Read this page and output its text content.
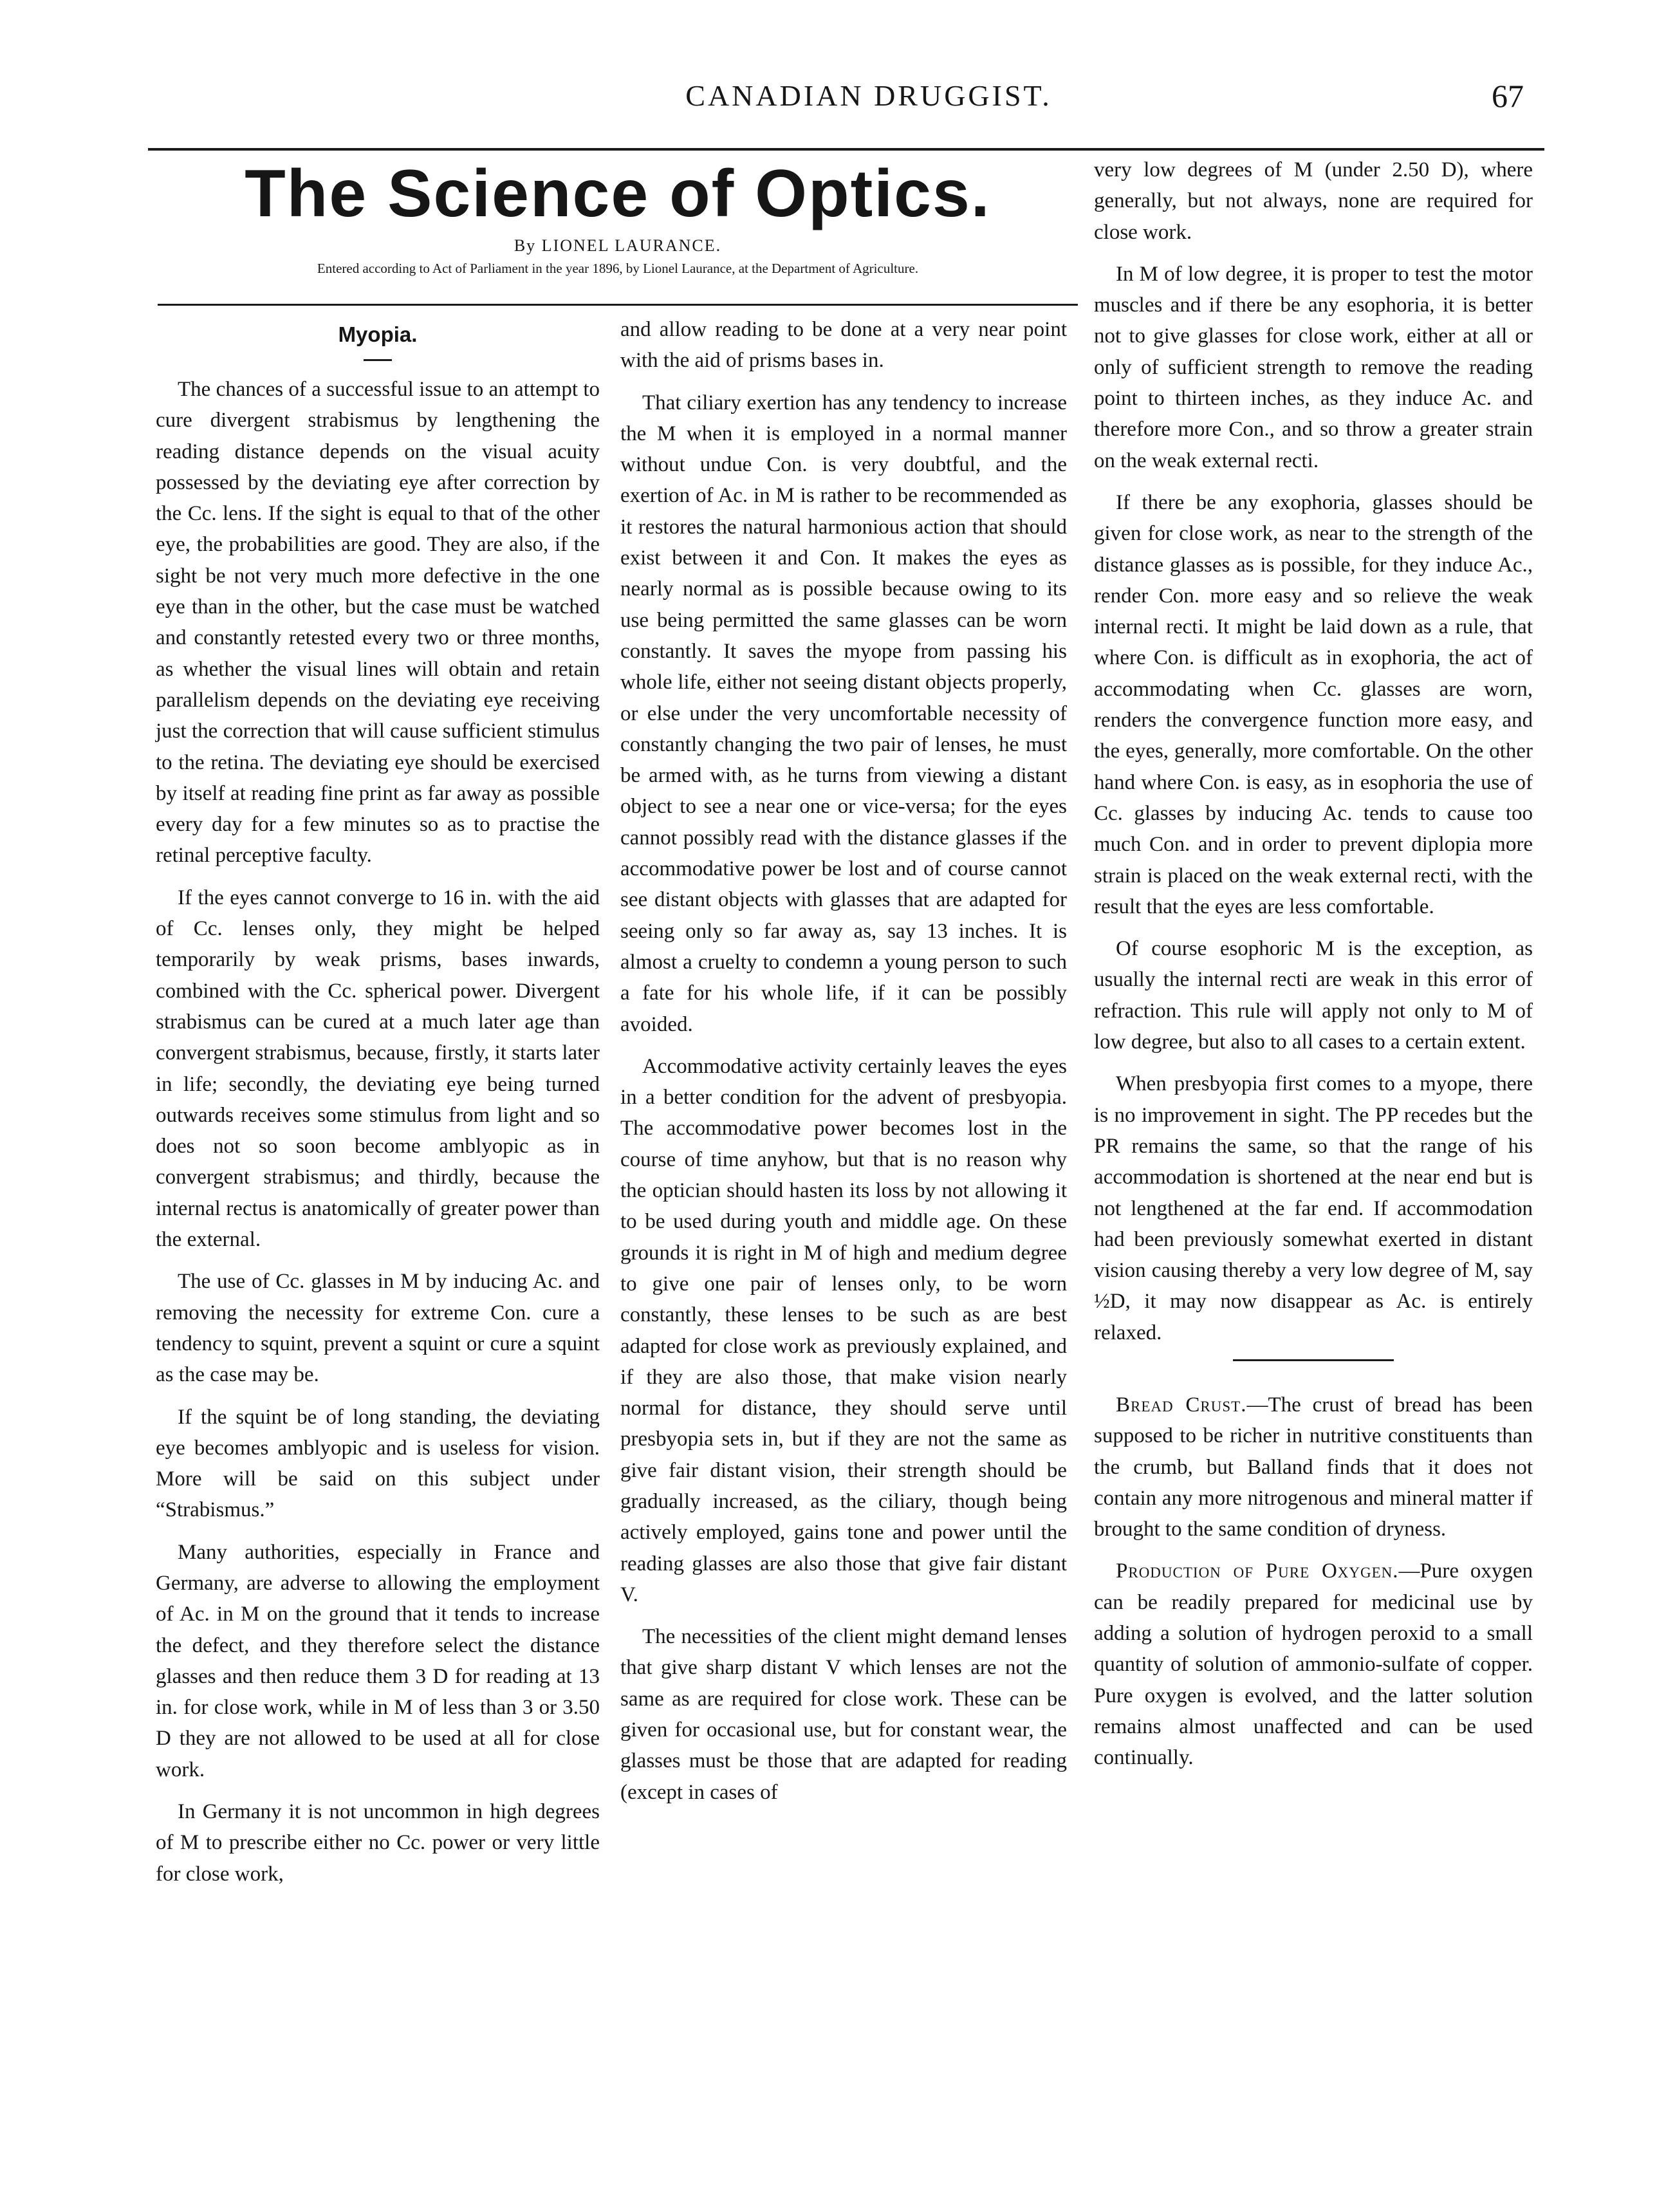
CANADIAN DRUGGIST.	67
The Science of Optics.
By LIONEL LAURANCE.
Entered according to Act of Parliament in the year 1896, by Lionel Laurance, at the Department of Agriculture.
Myopia.

The chances of a successful issue to an attempt to cure divergent strabismus by lengthening the reading distance depends on the visual acuity possessed by the deviating eye after correction by the Cc. lens. If the sight is equal to that of the other eye, the probabilities are good. They are also, if the sight be not very much more defective in the one eye than in the other, but the case must be watched and constantly retested every two or three months, as whether the visual lines will obtain and retain parallelism depends on the deviating eye receiving just the correction that will cause sufficient stimulus to the retina. The deviating eye should be exercised by itself at reading fine print as far away as possible every day for a few minutes so as to practise the retinal perceptive faculty.

If the eyes cannot converge to 16 in. with the aid of Cc. lenses only, they might be helped temporarily by weak prisms, bases inwards, combined with the Cc. spherical power. Divergent strabismus can be cured at a much later age than convergent strabismus, because, firstly, it starts later in life; secondly, the deviating eye being turned outwards receives some stimulus from light and so does not so soon become amblyopic as in convergent strabismus; and thirdly, because the internal rectus is anatomically of greater power than the external.

The use of Cc. glasses in M by inducing Ac. and removing the necessity for extreme Con. cure a tendency to squint, prevent a squint or cure a squint as the case may be.

If the squint be of long standing, the deviating eye becomes amblyopic and is useless for vision. More will be said on this subject under “Strabismus.”

Many authorities, especially in France and Germany, are adverse to allowing the employment of Ac. in M on the ground that it tends to increase the defect, and they therefore select the distance glasses and then reduce them 3 D for reading at 13 in. for close work, while in M of less than 3 or 3.50 D they are not allowed to be used at all for close work.

In Germany it is not uncommon in high degrees of M to prescribe either no Cc. power or very little for close work,

and allow reading to be done at a very near point with the aid of prisms bases in.

That ciliary exertion has any tendency to increase the M when it is employed in a normal manner without undue Con. is very doubtful, and the exertion of Ac. in M is rather to be recommended as it restores the natural harmonious action that should exist between it and Con. It makes the eyes as nearly normal as is possible because owing to its use being permitted the same glasses can be worn constantly. It saves the myope from passing his whole life, either not seeing distant objects properly, or else under the very uncomfortable necessity of constantly changing the two pair of lenses, he must be armed with, as he turns from viewing a distant object to see a near one or vice-versa; for the eyes cannot possibly read with the distance glasses if the accommodative power be lost and of course cannot see distant objects with glasses that are adapted for seeing only so far away as, say 13 inches. It is almost a cruelty to condemn a young person to such a fate for his whole life, if it can be possibly avoided.

Accommodative activity certainly leaves the eyes in a better condition for the advent of presbyopia. The accommodative power becomes lost in the course of time anyhow, but that is no reason why the optician should hasten its loss by not allowing it to be used during youth and middle age. On these grounds it is right in M of high and medium degree to give one pair of lenses only, to be worn constantly, these lenses to be such as are best adapted for close work as previously explained, and if they are also those, that make vision nearly normal for distance, they should serve until presbyopia sets in, but if they are not the same as give fair distant vision, their strength should be gradually increased, as the ciliary, though being actively employed, gains tone and power until the reading glasses are also those that give fair distant V.

The necessities of the client might demand lenses that give sharp distant V which lenses are not the same as are required for close work. These can be given for occasional use, but for constant wear, the glasses must be those that are adapted for reading (except in cases of

very low degrees of M (under 2.50 D), where generally, but not always, none are required for close work.

In M of low degree, it is proper to test the motor muscles and if there be any esophoria, it is better not to give glasses for close work, either at all or only of sufficient strength to remove the reading point to thirteen inches, as they induce Ac. and therefore more Con., and so throw a greater strain on the weak external recti.

If there be any exophoria, glasses should be given for close work, as near to the strength of the distance glasses as is possible, for they induce Ac., render Con. more easy and so relieve the weak internal recti. It might be laid down as a rule, that where Con. is difficult as in exophoria, the act of accommodating when Cc. glasses are worn, renders the convergence function more easy, and the eyes, generally, more comfortable. On the other hand where Con. is easy, as in esophoria the use of Cc. glasses by inducing Ac. tends to cause too much Con. and in order to prevent diplopia more strain is placed on the weak external recti, with the result that the eyes are less comfortable.

Of course esophoric M is the exception, as usually the internal recti are weak in this error of refraction. This rule will apply not only to M of low degree, but also to all cases to a certain extent.

When presbyopia first comes to a myope, there is no improvement in sight. The PP recedes but the PR remains the same, so that the range of his accommodation is shortened at the near end but is not lengthened at the far end. If accommodation had been previously somewhat exerted in distant vision causing thereby a very low degree of M, say ½D, it may now disappear as Ac. is entirely relaxed.

Bread Crust.—The crust of bread has been supposed to be richer in nutritive constituents than the crumb, but Balland finds that it does not contain any more nitrogenous and mineral matter if brought to the same condition of dryness.

Production of Pure Oxygen.—Pure oxygen can be readily prepared for medicinal use by adding a solution of hydrogen peroxid to a small quantity of solution of ammonio-sulfate of copper. Pure oxygen is evolved, and the latter solution remains almost unaffected and can be used continually.
